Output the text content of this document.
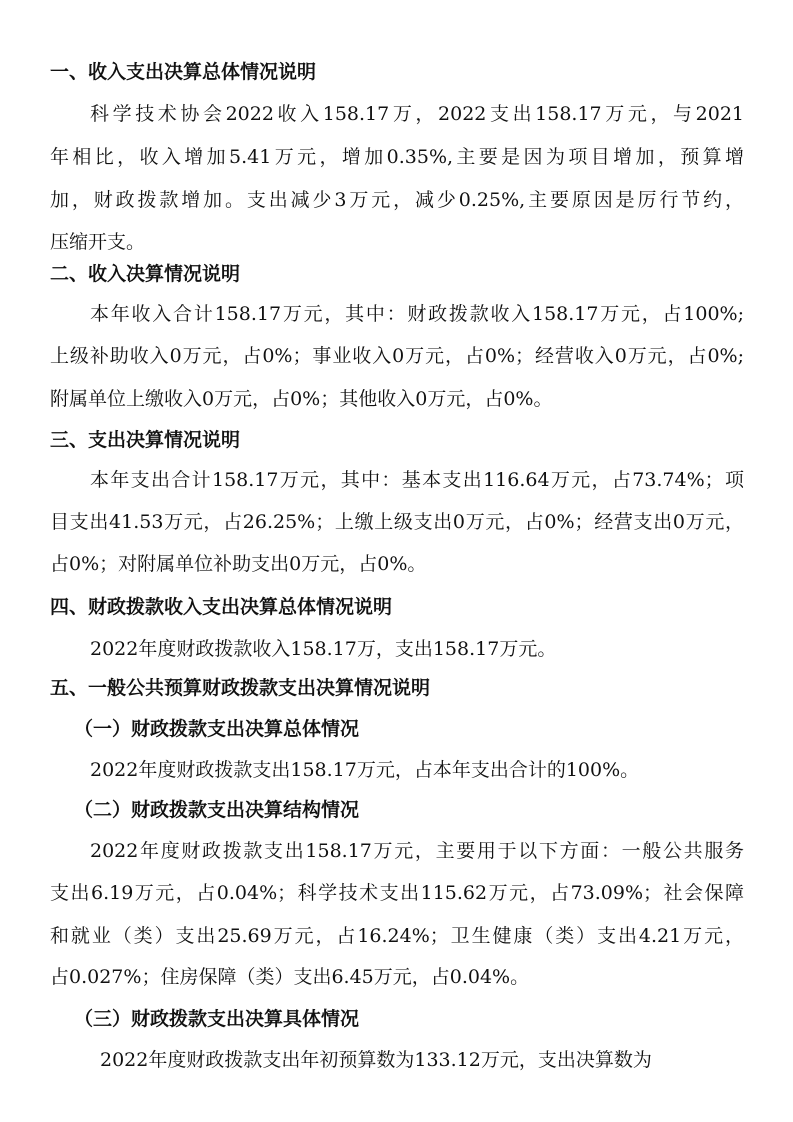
一、收入支出决算总体情况说明
科学技术协会2022收入158.17万，2022支出158.17万元，与2021
年相比，收入增加5.41万元，增加0.35%,主要是因为项目增加，预算增
加，财政拨款增加。支出减少3万元，减少0.25%,主要原因是厉行节约，
压缩开支。
二、收入决算情况说明
本年收入合计158.17万元，其中：财政拨款收入158.17万元，占100%;
上级补助收入0万元，占0%；事业收入0万元，占0%；经营收入0万元，占0%;
附属单位上缴收入0万元，占0%；其他收入0万元，占0%。
三、支出决算情况说明
本年支出合计158.17万元，其中：基本支出116.64万元，占73.74%；项
目支出41.53万元，占26.25%；上缴上级支出0万元，占0%；经营支出0万元，
占0%；对附属单位补助支出0万元，占0%。
四、财政拨款收入支出决算总体情况说明
2022年度财政拨款收入158.17万，支出158.17万元。
五、一般公共预算财政拨款支出决算情况说明
（一）财政拨款支出决算总体情况
2022年度财政拨款支出158.17万元，占本年支出合计的100%。
（二）财政拨款支出决算结构情况
2022年度财政拨款支出158.17万元，主要用于以下方面：一般公共服务
支出6.19万元，占0.04%；科学技术支出115.62万元，占73.09%；社会保障
和就业（类）支出25.69万元，占16.24%；卫生健康（类）支出4.21万元，
占0.027%；住房保障（类）支出6.45万元，占0.04%。
（三）财政拨款支出决算具体情况
2022年度财政拨款支出年初预算数为133.12万元，支出决算数为
